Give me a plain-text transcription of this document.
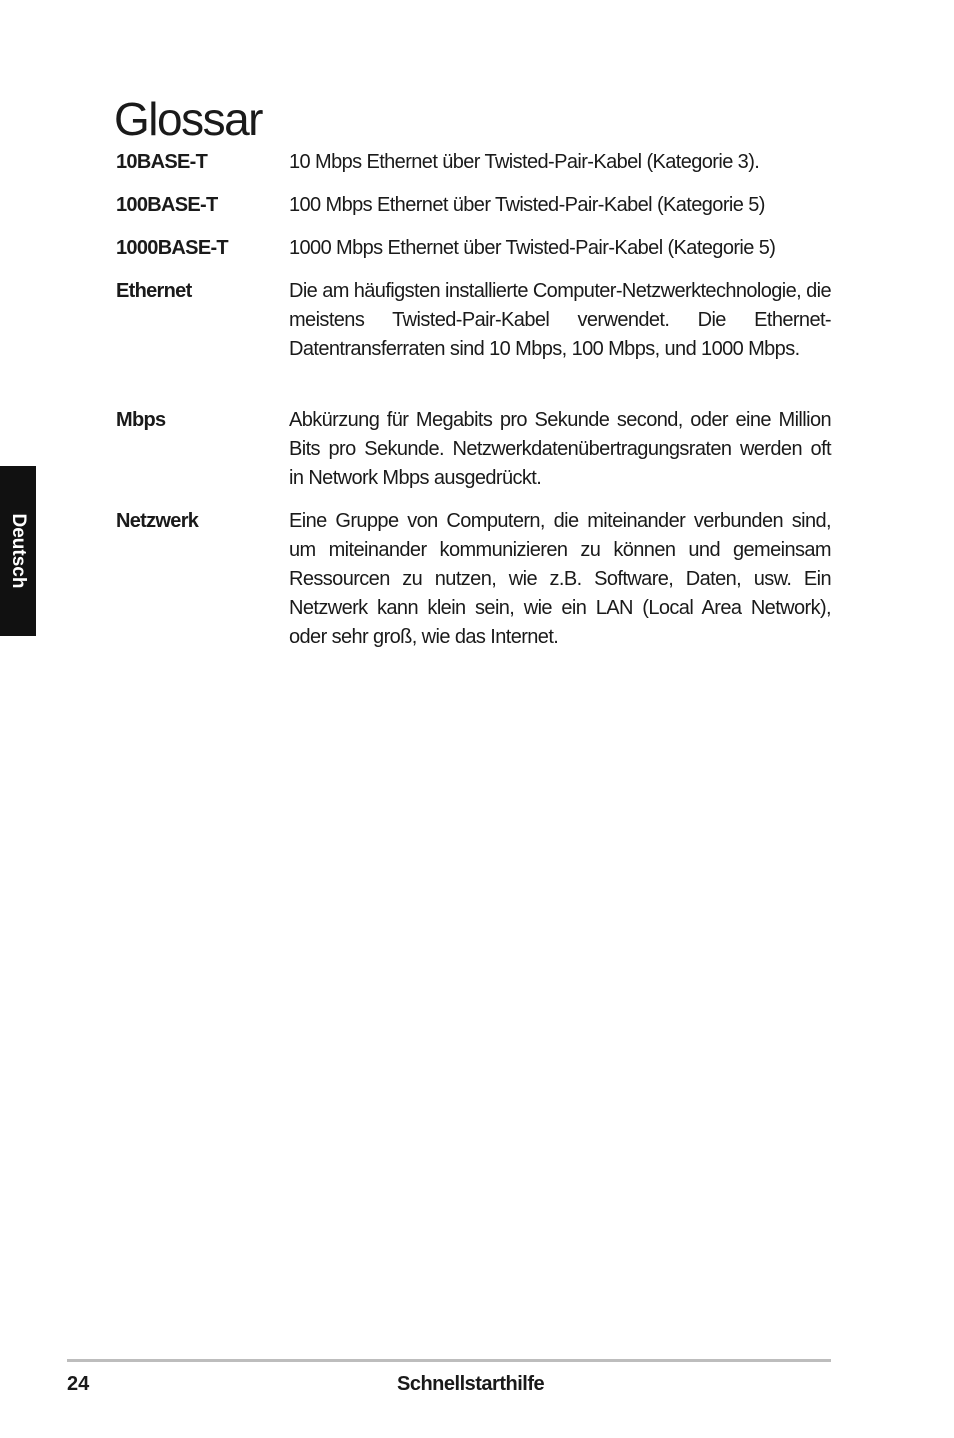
Deutsch
Glossar
10BASE-T	10 Mbps Ethernet über Twisted-Pair-Kabel (Kategorie 3).
100BASE-T	100 Mbps Ethernet über Twisted-Pair-Kabel (Kategorie 5)
1000BASE-T	1000 Mbps Ethernet über Twisted-Pair-Kabel (Kategorie 5)
Ethernet	Die am häufigsten installierte Computer-Netzwerktechnologie, die meistens Twisted-Pair-Kabel verwendet. Die Ethernet-Datentransferraten sind 10 Mbps, 100 Mbps, und 1000 Mbps.
Mbps	Abkürzung für Megabits pro Sekunde second, oder eine Million Bits pro Sekunde. Netzwerkdatenübertragungsraten werden oft in Network Mbps ausgedrückt.
Netzwerk	Eine Gruppe von Computern, die miteinander verbunden sind, um miteinander kommunizieren zu können und gemeinsam Ressourcen zu nutzen, wie z.B. Software, Daten, usw. Ein Netzwerk kann klein sein, wie ein LAN (Local Area Network), oder sehr groß, wie das Internet.
24	Schnellstarthilfe
